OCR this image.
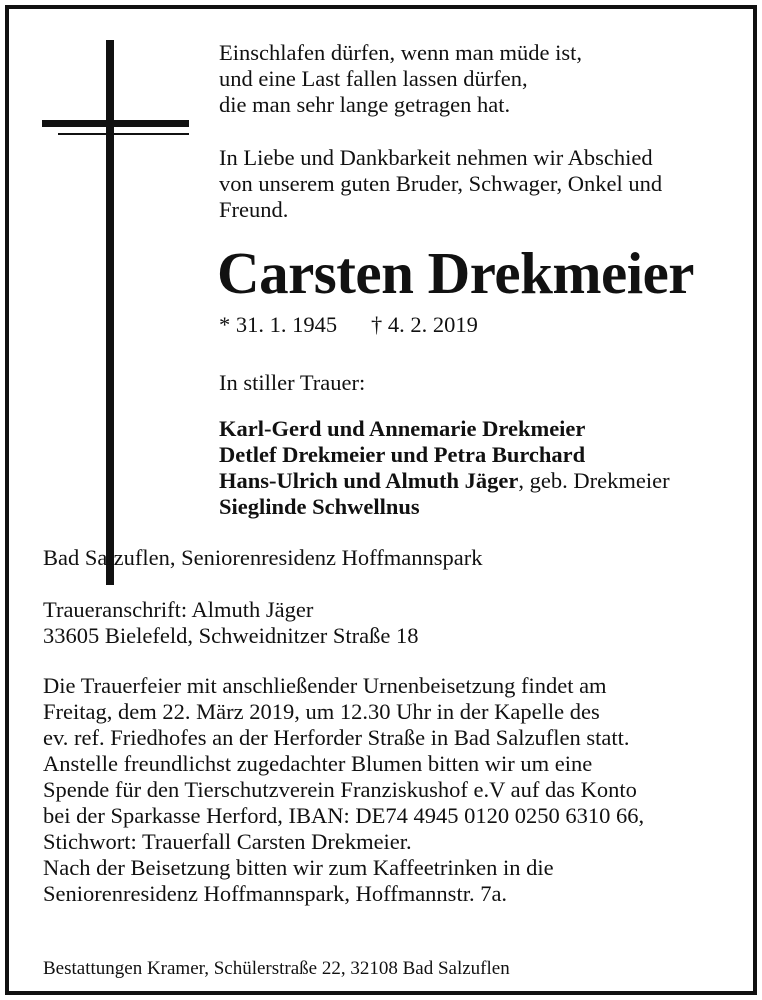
Einschlafen dürfen, wenn man müde ist,
und eine Last fallen lassen dürfen,
die man sehr lange getragen hat.
In Liebe und Dankbarkeit nehmen wir Abschied
von unserem guten Bruder, Schwager, Onkel und
Freund.
Carsten Drekmeier
* 31. 1. 1945 † 4. 2. 2019
In stiller Trauer:
Karl-Gerd und Annemarie Drekmeier
Detlef Drekmeier und Petra Burchard
Hans-Ulrich und Almuth Jäger, geb. Drekmeier
Sieglinde Schwellnus
Bad Salzuflen, Seniorenresidenz Hoffmannspark
Traueranschrift: Almuth Jäger
33605 Bielefeld, Schweidnitzer Straße 18
Die Trauerfeier mit anschließender Urnenbeisetzung findet am
Freitag, dem 22. März 2019, um 12.30 Uhr in der Kapelle des
ev. ref. Friedhofes an der Herforder Straße in Bad Salzuflen statt.
Anstelle freundlichst zugedachter Blumen bitten wir um eine
Spende für den Tierschutzverein Franziskushof e.V auf das Konto
bei der Sparkasse Herford, IBAN: DE74 4945 0120 0250 6310 66,
Stichwort: Trauerfall Carsten Drekmeier.
Nach der Beisetzung bitten wir zum Kaffeetrinken in die
Seniorenresidenz Hoffmannspark, Hoffmannstr. 7a.
Bestattungen Kramer, Schülerstraße 22, 32108 Bad Salzuflen
